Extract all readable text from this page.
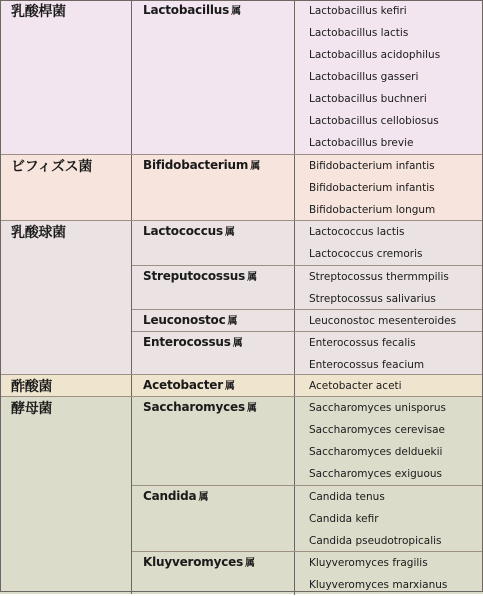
乳酸桿菌	Lactobacillus 属	Lactobacillus kefiri
Lactobacillus lactis
Lactobacillus acidophilus
Lactobacillus gasseri
Lactobacillus buchneri
Lactobacillus cellobiosus
Lactobacillus brevie
ビフィズス菌	Bifidobacterium 属	Bifidobacterium infantis
Bifidobacterium infantis
Bifidobacterium longum
乳酸球菌	Lactococcus 属	Lactococcus lactis
Lactococcus cremoris
Streputocossus 属	Streptocossus thermmpilis
Streptocossus salivarius
Leuconostoc 属	Leuconostoc mesenteroides
Enterocossus 属	Enterocossus fecalis
Enterocossus feacium
酢酸菌	Acetobacter 属	Acetobacter aceti
酵母菌	Saccharomyces 属	Saccharomyces unisporus
Saccharomyces cerevisae
Saccharomyces delduekii
Saccharomyces exiguous
Candida 属	Candida tenus
Candida kefir
Candida pseudotropicalis
Kluyveromyces 属	Kluyveromyces fragilis
Kluyveromyces marxianus
